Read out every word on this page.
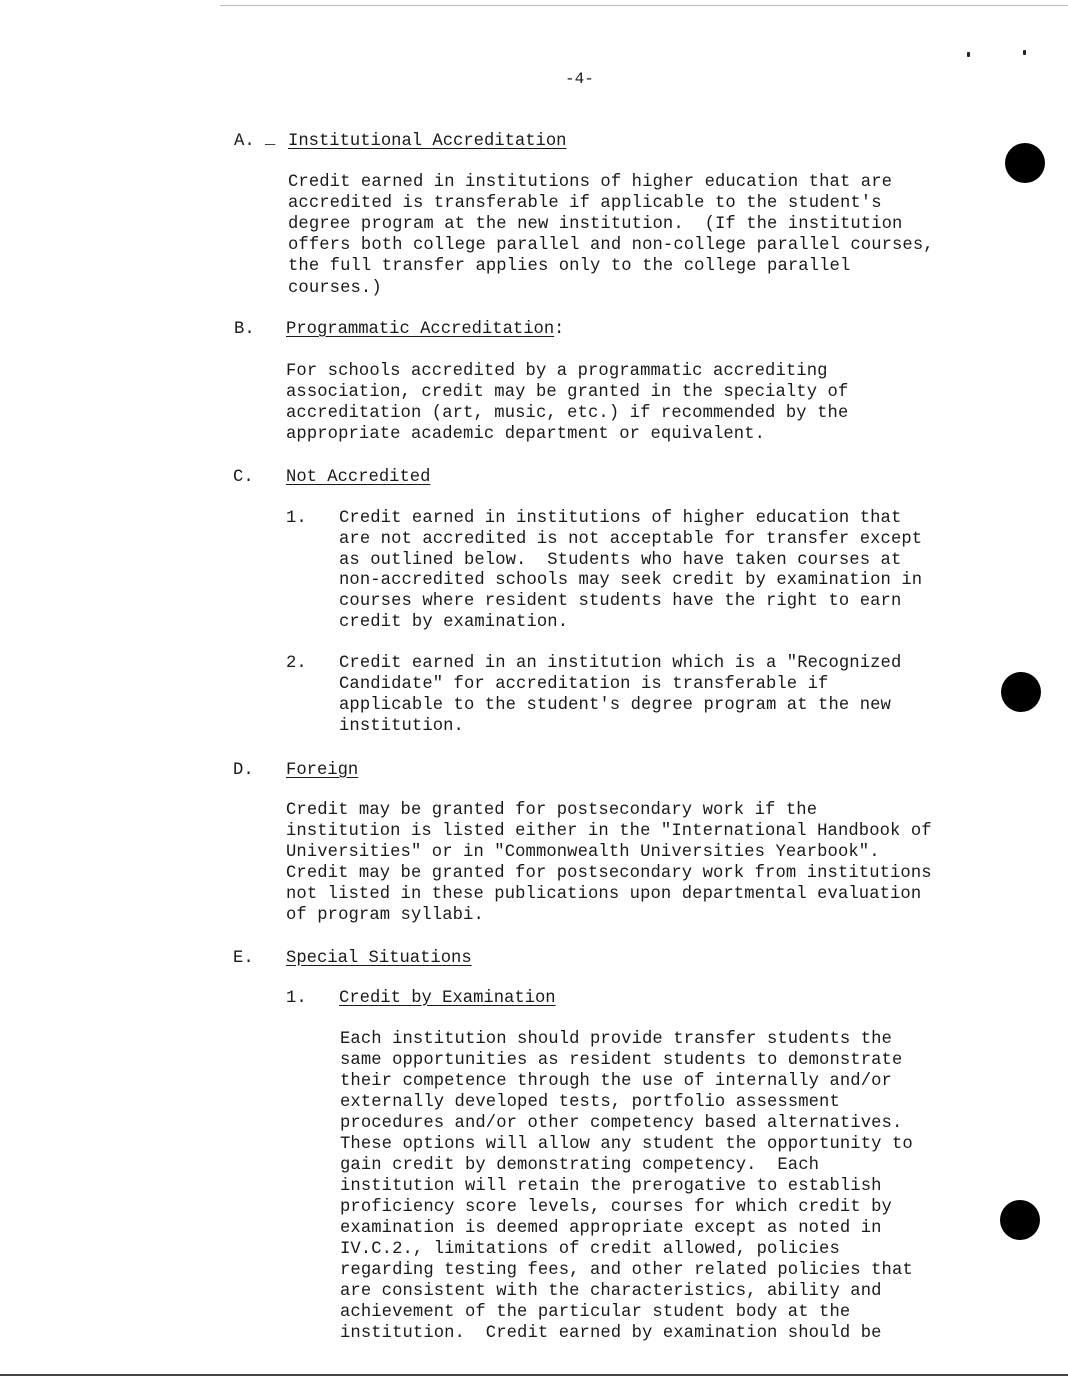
-4-
A. _ Institutional Accreditation
Credit earned in institutions of higher education that are
accredited is transferable if applicable to the student's
degree program at the new institution.  (If the institution
offers both college parallel and non-college parallel courses,
the full transfer applies only to the college parallel
courses.)
B. Programmatic Accreditation :
For schools accredited by a programmatic accrediting
association, credit may be granted in the specialty of
accreditation (art, music, etc.) if recommended by the
appropriate academic department or equivalent.
C. Not Accredited
1. Credit earned in institutions of higher education that
are not accredited is not acceptable for transfer except
as outlined below.  Students who have taken courses at
non-accredited schools may seek credit by examination in
courses where resident students have the right to earn
credit by examination.
2. Credit earned in an institution which is a "Recognized
Candidate" for accreditation is transferable if
applicable to the student's degree program at the new
institution.
D. Foreign
Credit may be granted for postsecondary work if the
institution is listed either in the "International Handbook of
Universities" or in "Commonwealth Universities Yearbook".
Credit may be granted for postsecondary work from institutions
not listed in these publications upon departmental evaluation
of program syllabi.
E. Special Situations
1. Credit by Examination
Each institution should provide transfer students the
same opportunities as resident students to demonstrate
their competence through the use of internally and/or
externally developed tests, portfolio assessment
procedures and/or other competency based alternatives.
These options will allow any student the opportunity to
gain credit by demonstrating competency.  Each
institution will retain the prerogative to establish
proficiency score levels, courses for which credit by
examination is deemed appropriate except as noted in
IV.C.2., limitations of credit allowed, policies
regarding testing fees, and other related policies that
are consistent with the characteristics, ability and
achievement of the particular student body at the
institution.  Credit earned by examination should be
